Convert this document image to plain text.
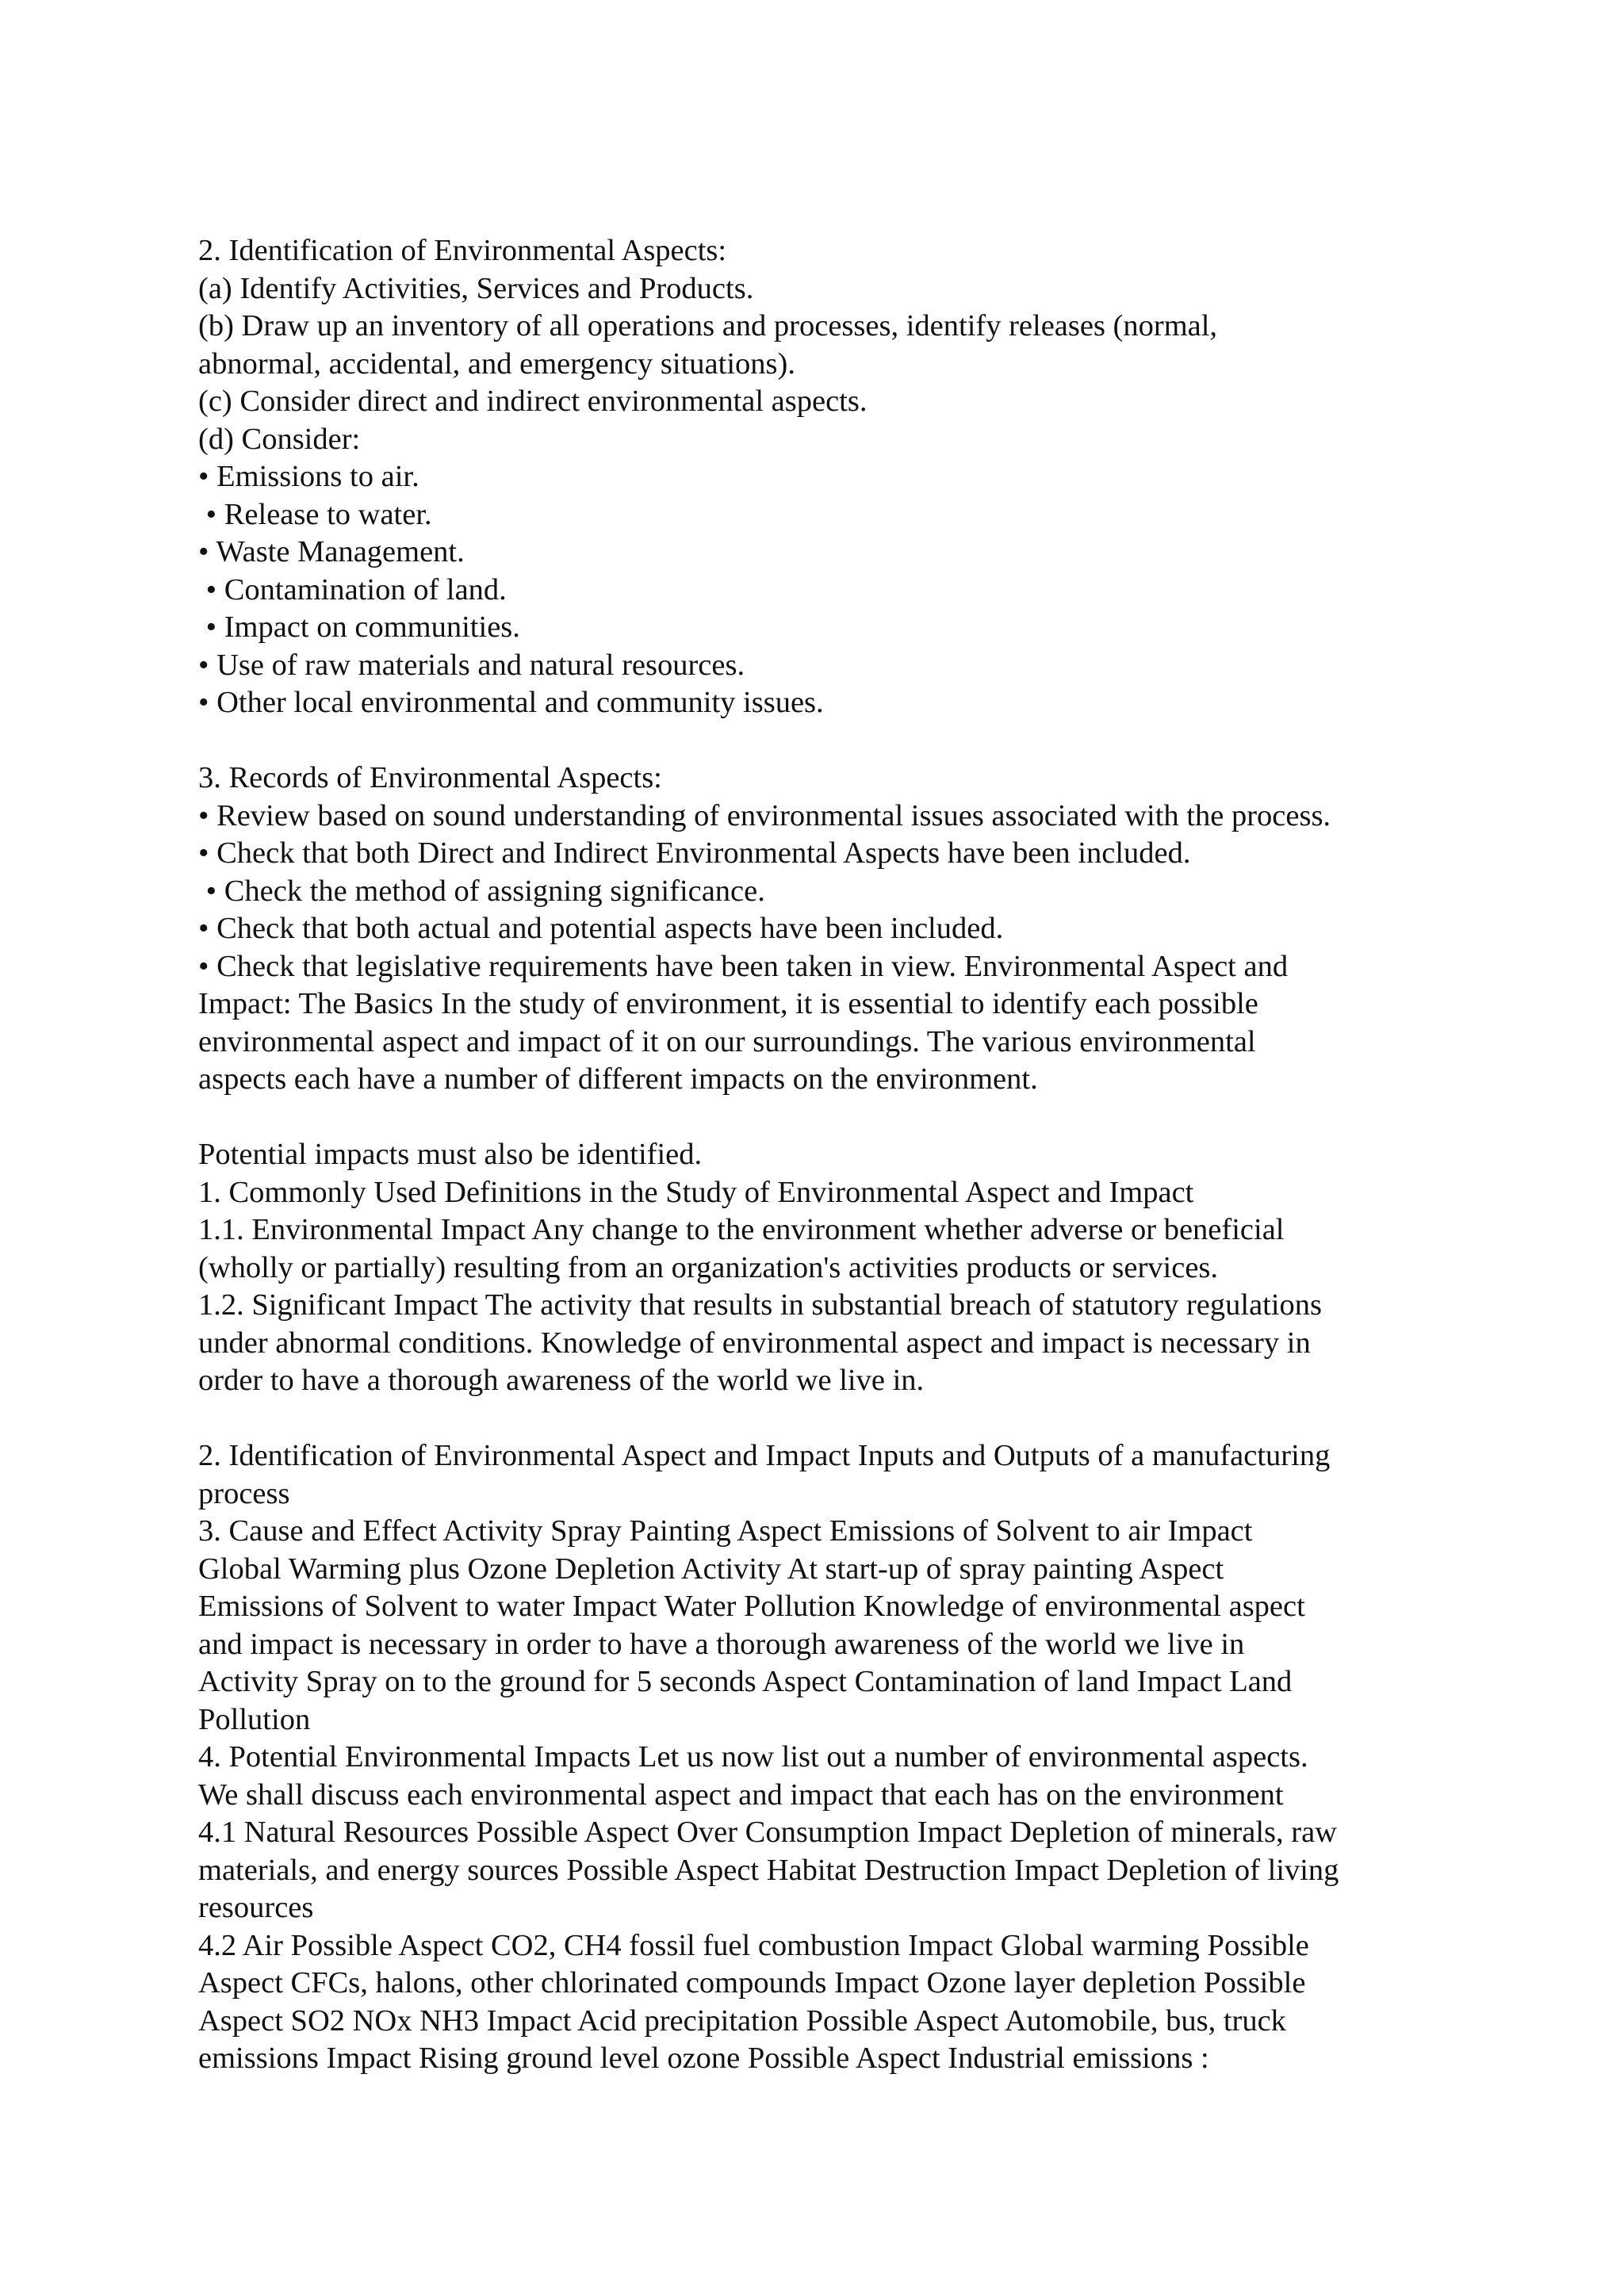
2. Identification of Environmental Aspects:
(a) Identify Activities, Services and Products.
(b) Draw up an inventory of all operations and processes, identify releases (normal,
abnormal, accidental, and emergency situations).
(c) Consider direct and indirect environmental aspects.
(d) Consider:
• Emissions to air.
• Release to water.
• Waste Management.
• Contamination of land.
• Impact on communities.
• Use of raw materials and natural resources.
• Other local environmental and community issues.
3. Records of Environmental Aspects:
• Review based on sound understanding of environmental issues associated with the process.
• Check that both Direct and Indirect Environmental Aspects have been included.
• Check the method of assigning significance.
• Check that both actual and potential aspects have been included.
• Check that legislative requirements have been taken in view. Environmental Aspect and
Impact: The Basics In the study of environment, it is essential to identify each possible
environmental aspect and impact of it on our surroundings. The various environmental
aspects each have a number of different impacts on the environment.
Potential impacts must also be identified.
1. Commonly Used Definitions in the Study of Environmental Aspect and Impact
1.1. Environmental Impact Any change to the environment whether adverse or beneficial
(wholly or partially) resulting from an organization's activities products or services.
1.2. Significant Impact The activity that results in substantial breach of statutory regulations
under abnormal conditions. Knowledge of environmental aspect and impact is necessary in
order to have a thorough awareness of the world we live in.
2. Identification of Environmental Aspect and Impact Inputs and Outputs of a manufacturing
process
3. Cause and Effect Activity Spray Painting Aspect Emissions of Solvent to air Impact
Global Warming plus Ozone Depletion Activity At start-up of spray painting Aspect
Emissions of Solvent to water Impact Water Pollution Knowledge of environmental aspect
and impact is necessary in order to have a thorough awareness of the world we live in
Activity Spray on to the ground for 5 seconds Aspect Contamination of land Impact Land
Pollution
4. Potential Environmental Impacts Let us now list out a number of environmental aspects.
We shall discuss each environmental aspect and impact that each has on the environment
4.1 Natural Resources Possible Aspect Over Consumption Impact Depletion of minerals, raw
materials, and energy sources Possible Aspect Habitat Destruction Impact Depletion of living
resources
4.2 Air Possible Aspect CO2, CH4 fossil fuel combustion Impact Global warming Possible
Aspect CFCs, halons, other chlorinated compounds Impact Ozone layer depletion Possible
Aspect SO2 NOx NH3 Impact Acid precipitation Possible Aspect Automobile, bus, truck
emissions Impact Rising ground level ozone Possible Aspect Industrial emissions :
